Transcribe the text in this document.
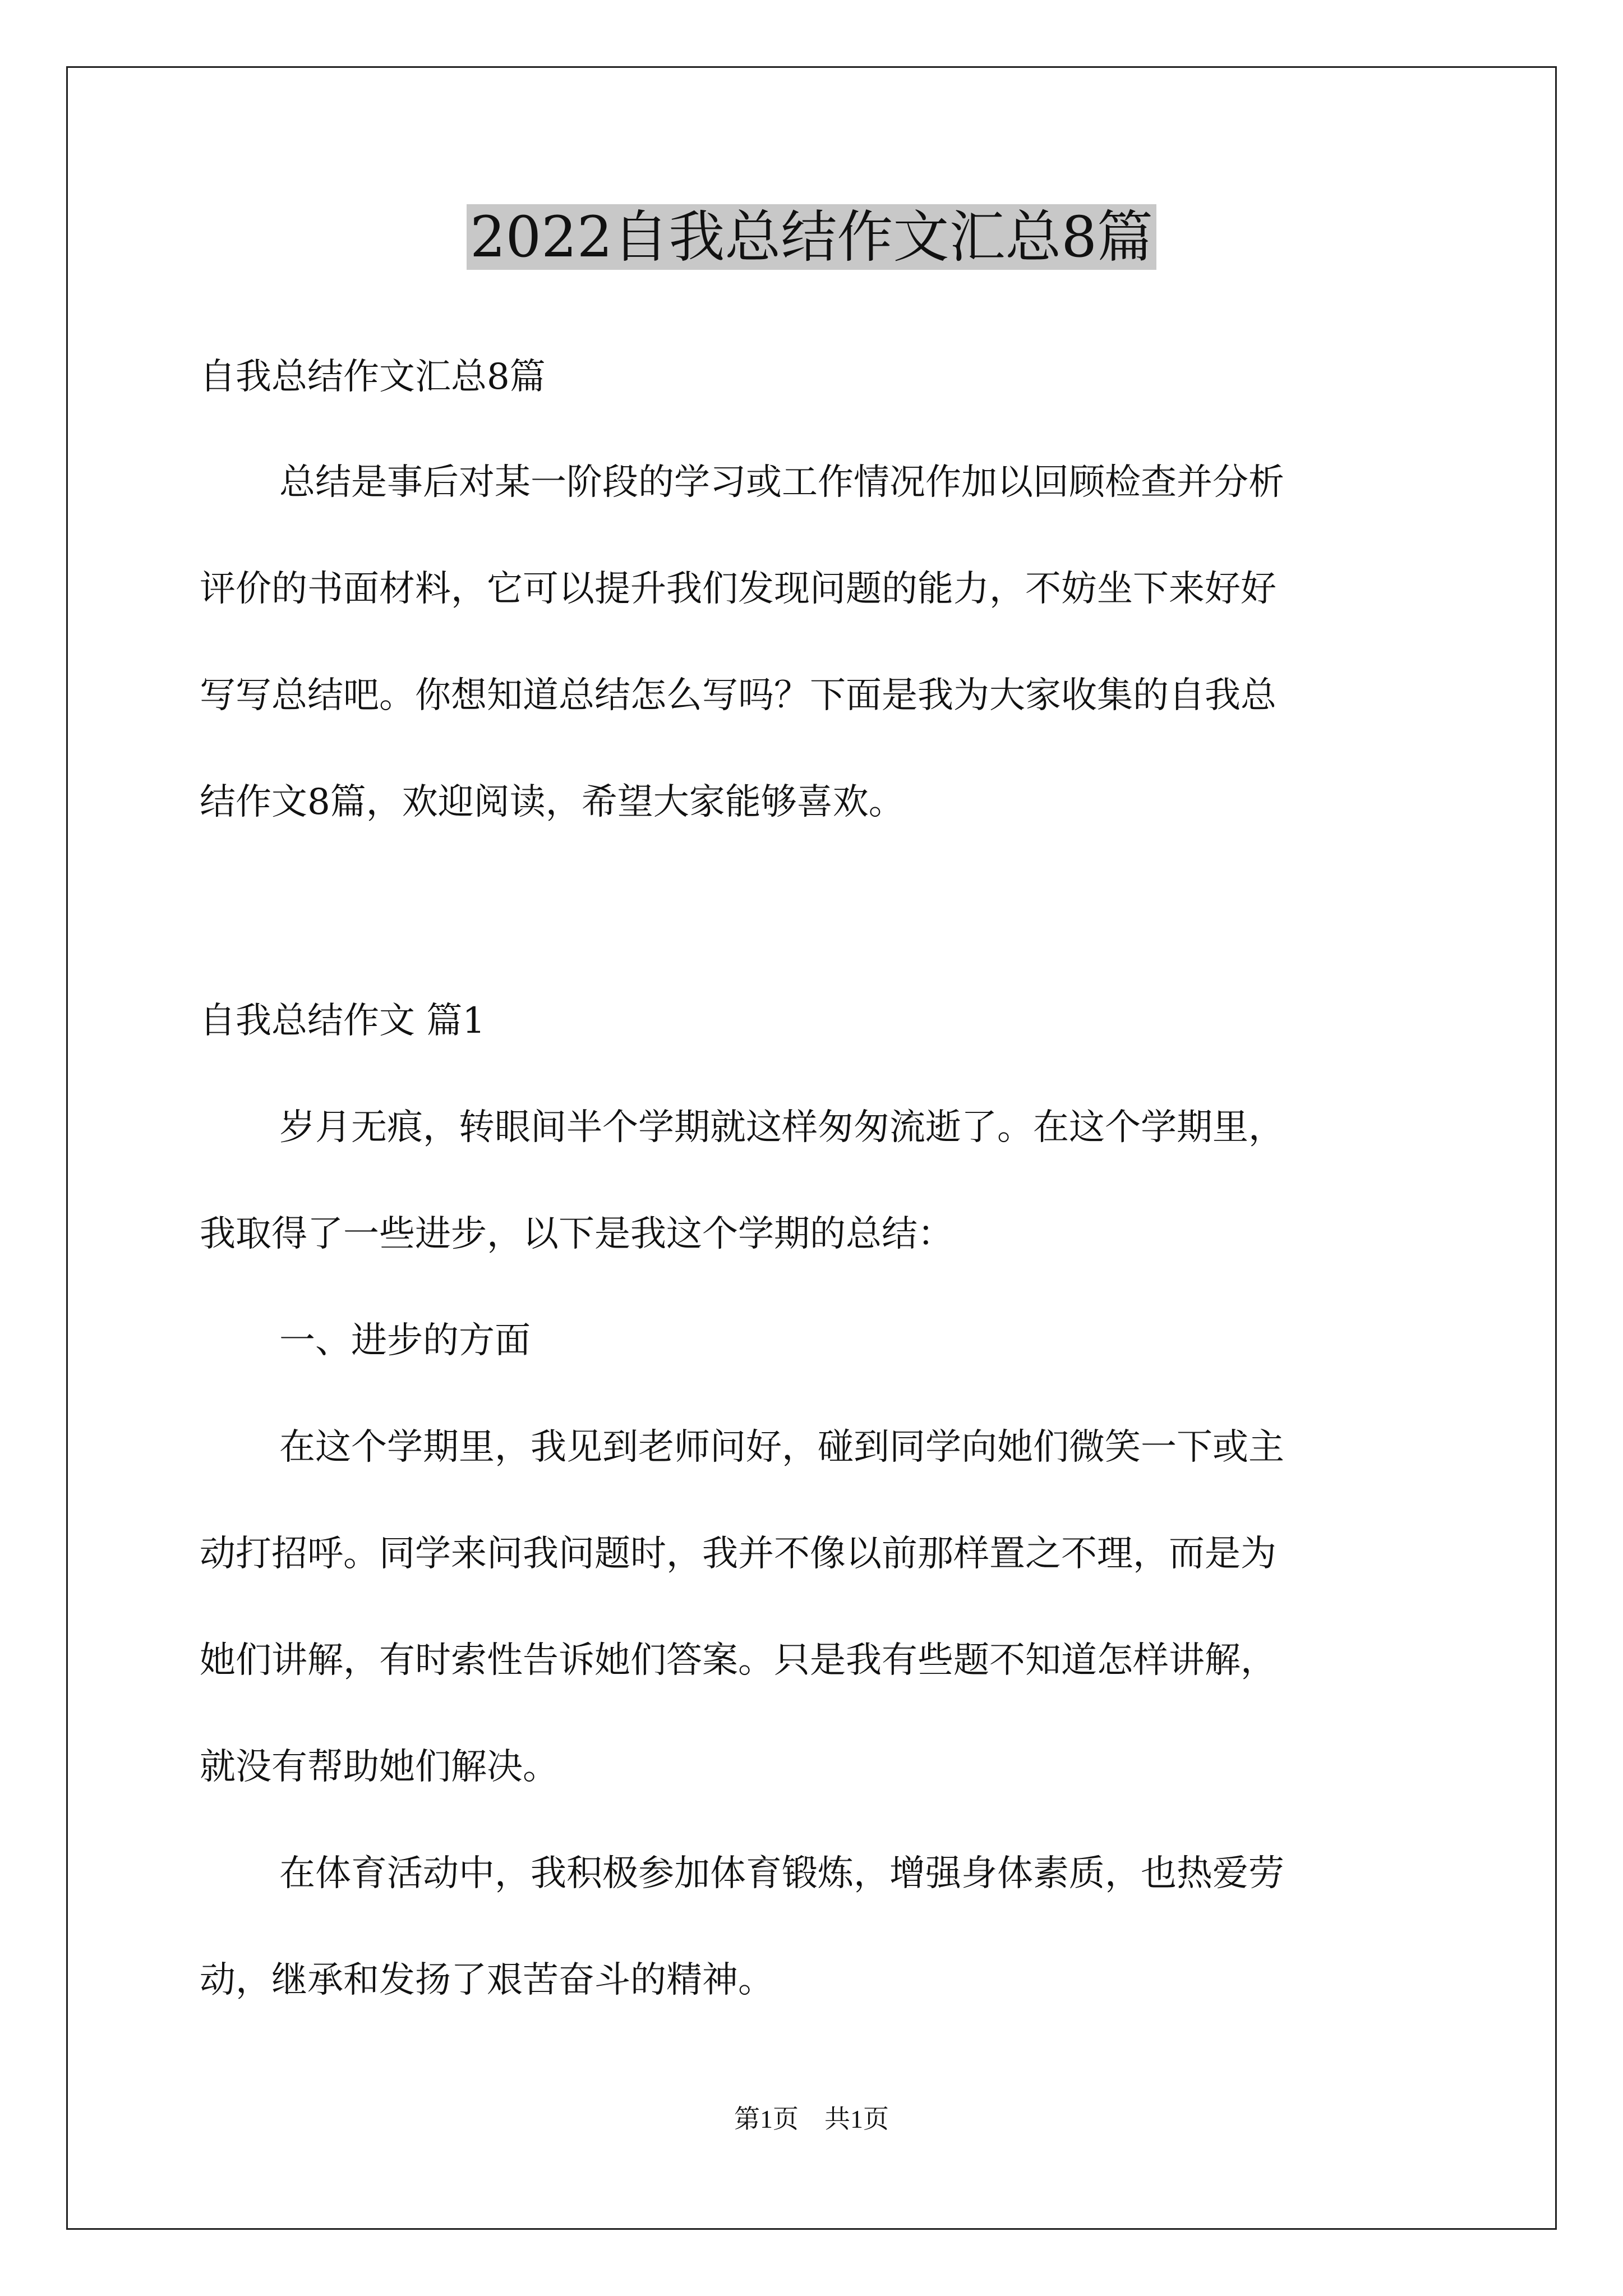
2022自我总结作文汇总8篇
自我总结作文汇总8篇
总结是事后对某一阶段的学习或工作情况作加以回顾检查并分析
评价的书面材料，它可以提升我们发现问题的能力，不妨坐下来好好
写写总结吧。你想知道总结怎么写吗？下面是我为大家收集的自我总
结作文8篇，欢迎阅读，希望大家能够喜欢。
自我总结作文 篇1
岁月无痕，转眼间半个学期就这样匆匆流逝了。在这个学期里，
我取得了一些进步，以下是我这个学期的总结：
一、进步的方面
在这个学期里，我见到老师问好，碰到同学向她们微笑一下或主
动打招呼。同学来问我问题时，我并不像以前那样置之不理，而是为
她们讲解，有时索性告诉她们答案。只是我有些题不知道怎样讲解，
就没有帮助她们解决。
在体育活动中，我积极参加体育锻炼，增强身体素质，也热爱劳
动，继承和发扬了艰苦奋斗的精神。
第1页　共1页
